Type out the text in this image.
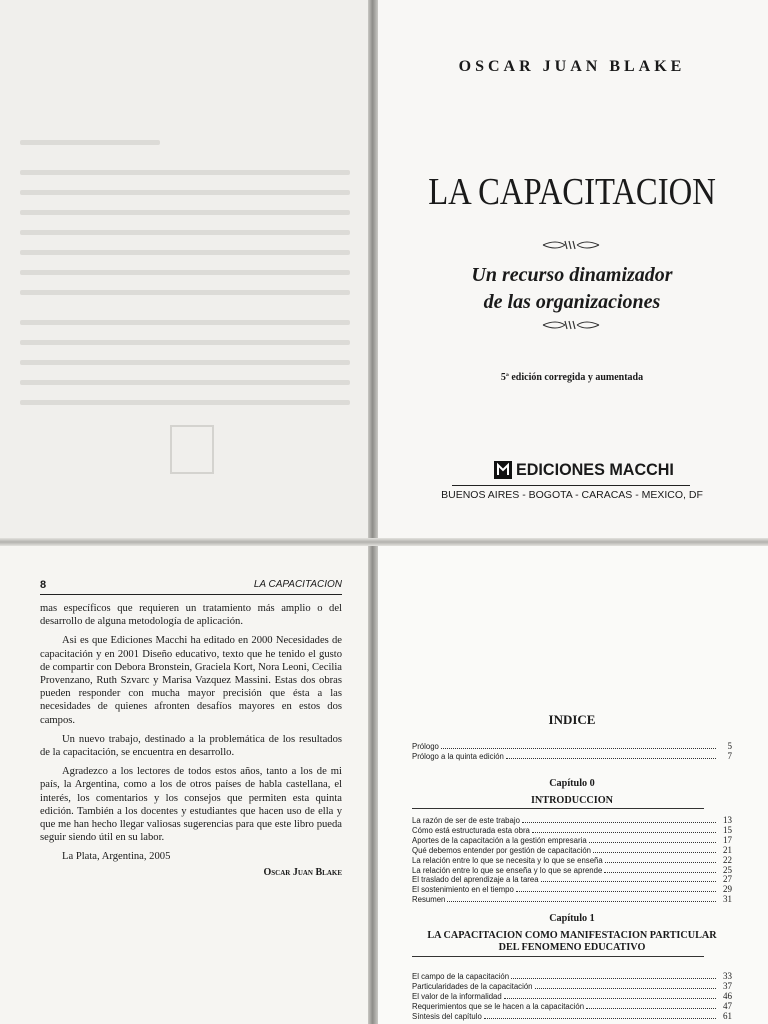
OSCAR JUAN BLAKE
LA CAPACITACION
Un recurso dinamizador
de las organizaciones
5ª edición corregida y aumentada
EDICIONES MACCHI
BUENOS AIRES - BOGOTA - CARACAS - MEXICO, DF
8	LA CAPACITACION

mas específicos que requieren un tratamiento más amplio o del desarrollo de alguna metodología de aplicación.

Asi es que Ediciones Macchi ha editado en 2000 Necesidades de capacitación y en 2001 Diseño educativo, texto que he tenido el gusto de compartir con Debora Bronstein, Graciela Kort, Nora Leoni, Cecilia Provenzano, Ruth Szvarc y Marisa Vazquez Massini. Estas dos obras pueden responder con mucha mayor precisión que ésta a las necesidades de quienes afronten desafíos mayores en estos dos campos.

Un nuevo trabajo, destinado a la problemática de los resultados de la capacitación, se encuentra en desarrollo.

Agradezco a los lectores de todos estos años, tanto a los de mi país, la Argentina, como a los de otros países de habla castellana, el interés, los comentarios y los consejos que permiten esta quinta edición. También a los docentes y estudiantes que hacen uso de ella y que me han hecho llegar valiosas sugerencias para que este libro pueda seguir siendo útil en su labor.

La Plata, Argentina, 2005

Oscar Juan Blake
INDICE
Prólogo	5
Prólogo a la quinta edición	7
Capítulo 0
INTRODUCCION
La razón de ser de este trabajo	13
Cómo está estructurada esta obra	15
Aportes de la capacitación a la gestión empresaria	17
Qué debemos entender por gestión de capacitación	21
La relación entre lo que se necesita y lo que se enseña	22
La relación entre lo que se enseña y lo que se aprende	25
El traslado del aprendizaje a la tarea	27
El sostenimiento en el tiempo	29
Resumen	31
Capítulo 1
LA CAPACITACION COMO MANIFESTACION PARTICULAR
DEL FENOMENO EDUCATIVO
El campo de la capacitación	33
Particularidades de la capacitación	37
El valor de la informalidad	46
Requerimientos que se le hacen a la capacitación	47
Síntesis del capítulo	61
